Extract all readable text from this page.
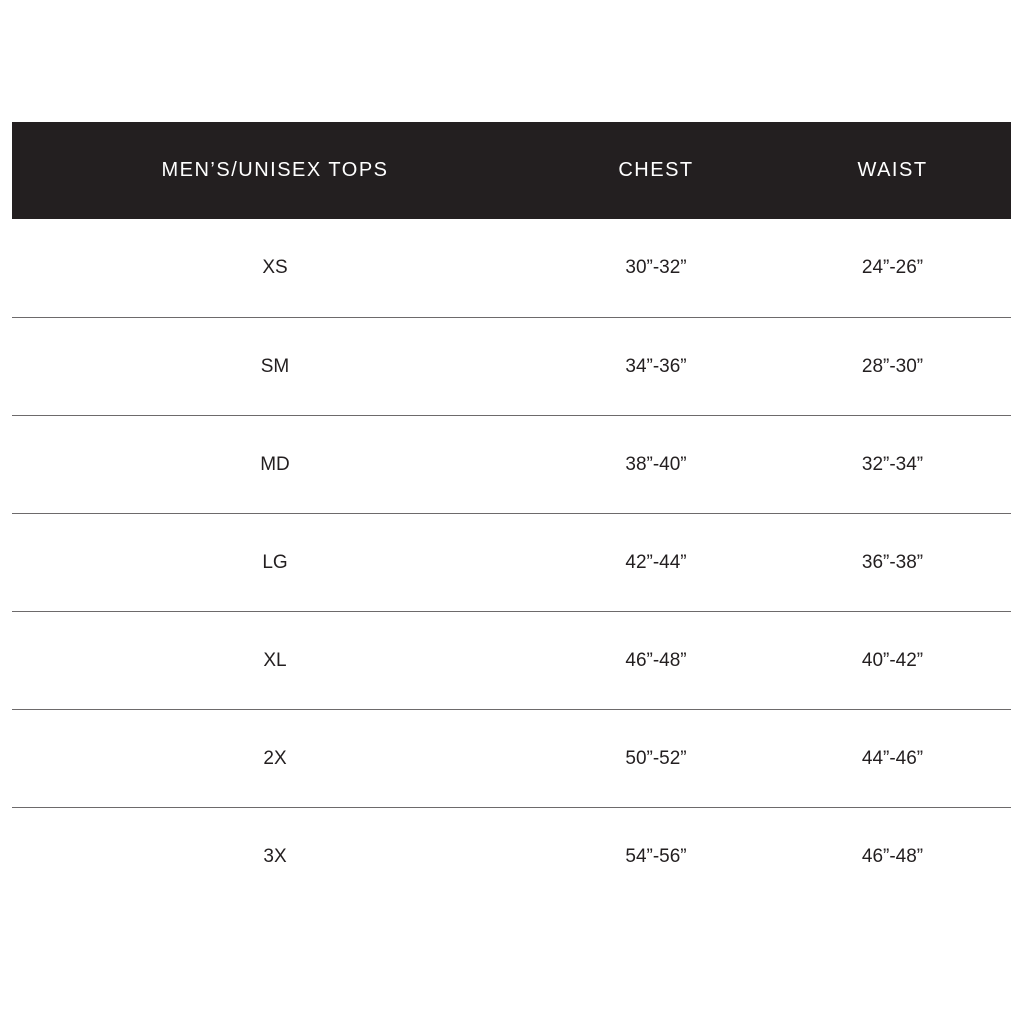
MEN’S/UNISEX TOPS	CHEST	WAIST
XS	30”-32”	24”-26”
SM	34”-36”	28”-30”
MD	38”-40”	32”-34”
LG	42”-44”	36”-38”
XL	46”-48”	40”-42”
2X	50”-52”	44”-46”
3X	54”-56”	46”-48”
